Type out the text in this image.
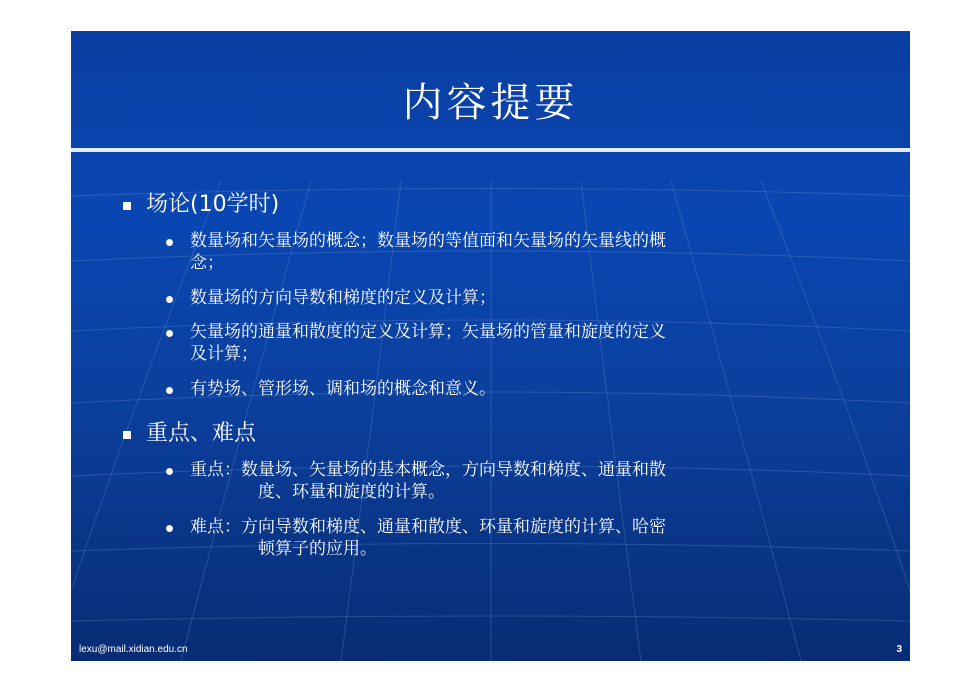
内容提要
场论(10学时)
数量场和矢量场的概念；数量场的等值面和矢量场的矢量线的概
念；
数量场的方向导数和梯度的定义及计算；
矢量场的通量和散度的定义及计算；矢量场的管量和旋度的定义
及计算；
有势场、管形场、调和场的概念和意义。
重点、难点
重点：数量场、矢量场的基本概念，方向导数和梯度、通量和散
度、环量和旋度的计算。
难点：方向导数和梯度、通量和散度、环量和旋度的计算、哈密
顿算子的应用。
lexu@mail.xidian.edu.cn	3
